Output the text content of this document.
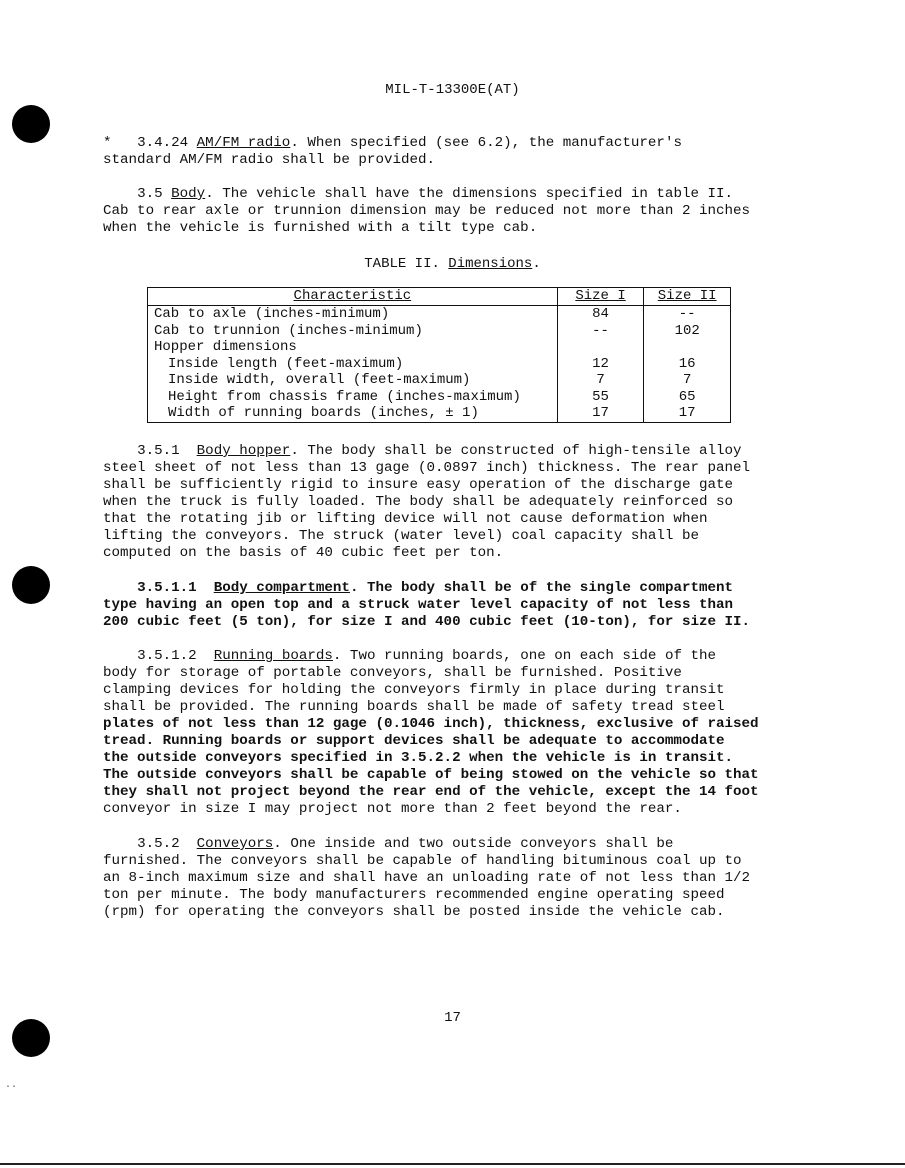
MIL-T-13300E(AT)
* 3.4.24 AM/FM radio. When specified (see 6.2), the manufacturer's
standard AM/FM radio shall be provided.
3.5 Body. The vehicle shall have the dimensions specified in table II.
Cab to rear axle or trunnion dimension may be reduced not more than 2 inches
when the vehicle is furnished with a tilt type cab.
TABLE II. Dimensions.
Characteristic	Size I	Size II
Cab to axle (inches-minimum)	84	--
Cab to trunnion (inches-minimum)	--	102
Hopper dimensions		
Inside length (feet-maximum)	12	16
Inside width, overall (feet-maximum)	7	7
Height from chassis frame (inches-maximum)	55	65
Width of running boards (inches, ± 1)	17	17
3.5.1 Body hopper. The body shall be constructed of high-tensile alloy
steel sheet of not less than 13 gage (0.0897 inch) thickness. The rear panel
shall be sufficiently rigid to insure easy operation of the discharge gate
when the truck is fully loaded. The body shall be adequately reinforced so
that the rotating jib or lifting device will not cause deformation when
lifting the conveyors. The struck (water level) coal capacity shall be
computed on the basis of 40 cubic feet per ton.
3.5.1.1 Body compartment. The body shall be of the single compartment
type having an open top and a struck water level capacity of not less than
200 cubic feet (5 ton), for size I and 400 cubic feet (10-ton), for size II.
3.5.1.2 Running boards. Two running boards, one on each side of the
body for storage of portable conveyors, shall be furnished. Positive
clamping devices for holding the conveyors firmly in place during transit
shall be provided. The running boards shall be made of safety tread steel
plates of not less than 12 gage (0.1046 inch), thickness, exclusive of raised
tread. Running boards or support devices shall be adequate to accommodate
the outside conveyors specified in 3.5.2.2 when the vehicle is in transit.
The outside conveyors shall be capable of being stowed on the vehicle so that
they shall not project beyond the rear end of the vehicle, except the 14 foot
conveyor in size I may project not more than 2 feet beyond the rear.
3.5.2 Conveyors. One inside and two outside conveyors shall be
furnished. The conveyors shall be capable of handling bituminous coal up to
an 8-inch maximum size and shall have an unloading rate of not less than 1/2
ton per minute. The body manufacturers recommended engine operating speed
(rpm) for operating the conveyors shall be posted inside the vehicle cab.
17
..
